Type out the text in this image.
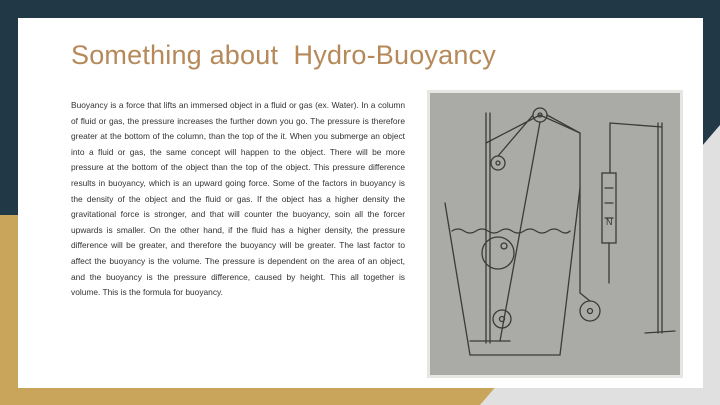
Something about  Hydro-Buoyancy

Buoyancy is a force that lifts an immersed object in a fluid or gas (ex. Water). In a column of fluid or gas, the pressure increases the further down you go. The pressure is therefore greater at the bottom of the column, than the top of the it. When you submerge an object into a fluid or gas, the same concept will happen to the object. There will be more pressure at the bottom of the object than the top of the object. This pressure difference results in buoyancy, which is an upward going force. Some of the factors in buoyancy is the density of the object and the fluid or gas. If the object has a higher density the gravitational force is stronger, and that will counter the buoyancy, soin all the forcer upwards is smaller. On the other hand, if the fluid has a higher density, the pressure difference will be greater, and therefore the buoyancy will be greater. The last factor to affect the buoyancy is the volume. The pressure is dependent on the area of an object, and the buoyancy is the pressure difference, caused by height. This all together is volume. This is the formula for buoyancy.

N
